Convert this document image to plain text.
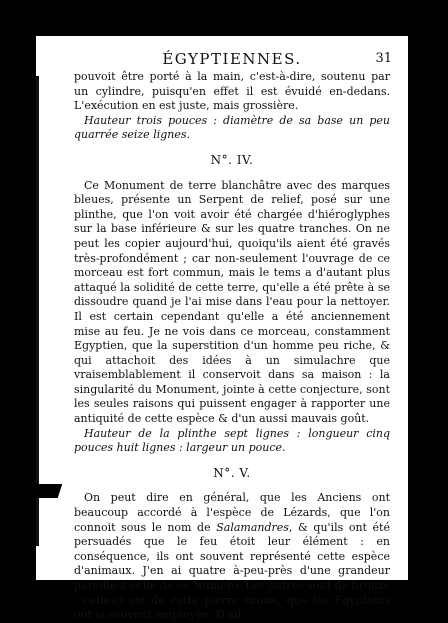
ÉGYPTIENNES.	31

pouvoit être porté à la main, c'est-à-dire, soutenu par un cylindre, puisqu'en effet il est évuidé en-dedans. L'exécution en est juste, mais grossière.

Hauteur trois pouces : diamètre de sa base un peu quarrée seize lignes.

N°. IV.

Ce Monument de terre blanchâtre avec des marques bleues, présente un Serpent de relief, posé sur une plinthe, que l'on voit avoir été chargée d'hiéroglyphes sur la base inférieure & sur les quatre tranches. On ne peut les copier aujourd'hui, quoiqu'ils aient été gravés très-profondément ; car non-seulement l'ouvrage de ce morceau est fort commun, mais le tems a d'autant plus attaqué la solidité de cette terre, qu'elle a été prête à se dissoudre quand je l'ai mise dans l'eau pour la nettoyer. Il est certain cependant qu'elle a été anciennement mise au feu. Je ne vois dans ce morceau, constamment Egyptien, que la superstition d'un homme peu riche, & qui attachoit des idées à un simulachre que vraisemblablement il conservoit dans sa maison : la singularité du Monument, jointe à cette conjecture, sont les seules raisons qui puissent engager à rapporter une antiquité de cette espèce & d'un aussi mauvais goût.

Hauteur de la plinthe sept lignes : longueur cinq pouces huit lignes : largeur un pouce.

N°. V.

On peut dire en général, que les Anciens ont beaucoup accordé à l'espèce de Lézards, que l'on connoit sous le nom de Salamandres, & qu'ils ont été persuadés que le feu étoit leur élément : en conséquence, ils ont souvent représenté cette espèce d'animaux. J'en ai quatre à-peu-près d'une grandeur pareille à celle de ce Numéro. Les autres sont de bronze : celle-ci est de cette pierre brune, que les Egyptiens ont si souvent employée. D'ail-
